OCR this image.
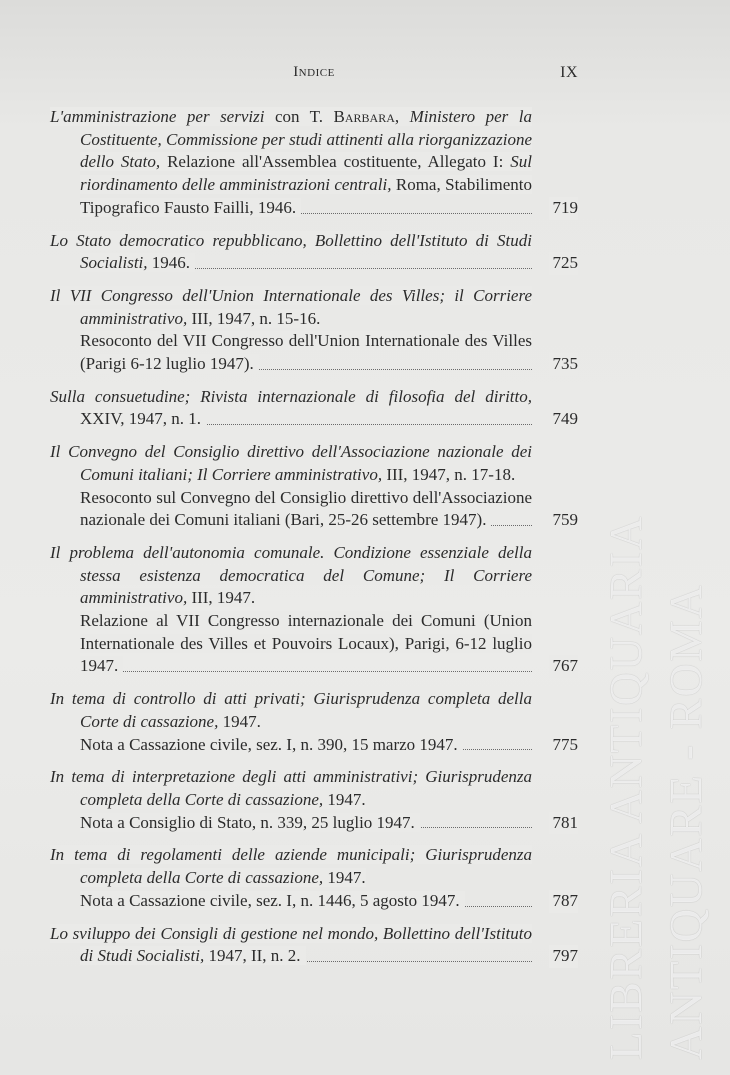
Indice	IX

L'amministrazione per servizi con T. Barbara, Ministero per la Costituente, Commissione per studi attinenti alla riorganizzazione dello Stato, Relazione all'Assemblea costituente, Allegato I: Sul riordinamento delle amministrazioni centrali, Roma, Stabilimento Tipografico Fausto Failli, 1946.	719

Lo Stato democratico repubblicano, Bollettino dell'Istituto di Studi Socialisti, 1946.	725

Il VII Congresso dell'Union Internationale des Villes; il Corriere amministrativo, III, 1947, n. 15-16.

Resoconto del VII Congresso dell'Union Internationale des Villes (Parigi 6-12 luglio 1947).	735

Sulla consuetudine; Rivista internazionale di filosofia del diritto, XXIV, 1947, n. 1.	749

Il Convegno del Consiglio direttivo dell'Associazione nazionale dei Comuni italiani; Il Corriere amministrativo, III, 1947, n. 17-18.

Resoconto sul Convegno del Consiglio direttivo dell'Associazione nazionale dei Comuni italiani (Bari, 25-26 settembre 1947).	759

Il problema dell'autonomia comunale. Condizione essenziale della stessa esistenza democratica del Comune; Il Corriere amministrativo, III, 1947.

Relazione al VII Congresso internazionale dei Comuni (Union Internationale des Villes et Pouvoirs Locaux), Parigi, 6-12 luglio 1947.	767

In tema di controllo di atti privati; Giurisprudenza completa della Corte di cassazione, 1947.

Nota a Cassazione civile, sez. I, n. 390, 15 marzo 1947.	775

In tema di interpretazione degli atti amministrativi; Giurisprudenza completa della Corte di cassazione, 1947.

Nota a Consiglio di Stato, n. 339, 25 luglio 1947.	781

In tema di regolamenti delle aziende municipali; Giurisprudenza completa della Corte di cassazione, 1947.

Nota a Cassazione civile, sez. I, n. 1446, 5 agosto 1947.	787

Lo sviluppo dei Consigli di gestione nel mondo, Bollettino dell'Istituto di Studi Socialisti, 1947, II, n. 2.	797 LIBRERIA ANTIQUARIA ANTIQUARE - ROMA
